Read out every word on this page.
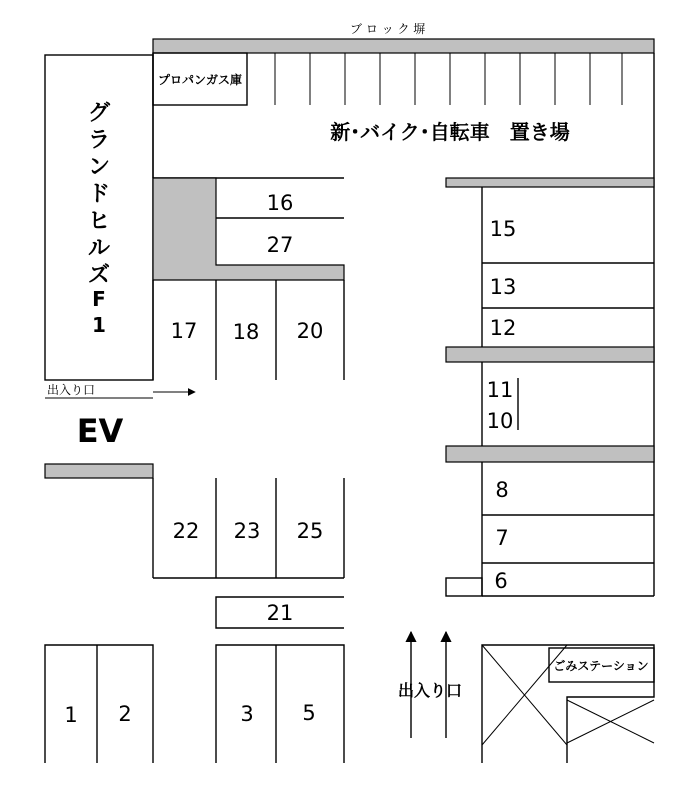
ブ ロ ッ ク 塀
グ
ラ
ン
ド
ヒ
ル
ズ
F
1
プロパンガス庫
新･バイク･自転車　置き場
16
27
17 18 20
出入り口
EV
22 23 25
21
15
13
12
11
10
8
7
6
1 2	3 5
出入り口
ごみステーション
